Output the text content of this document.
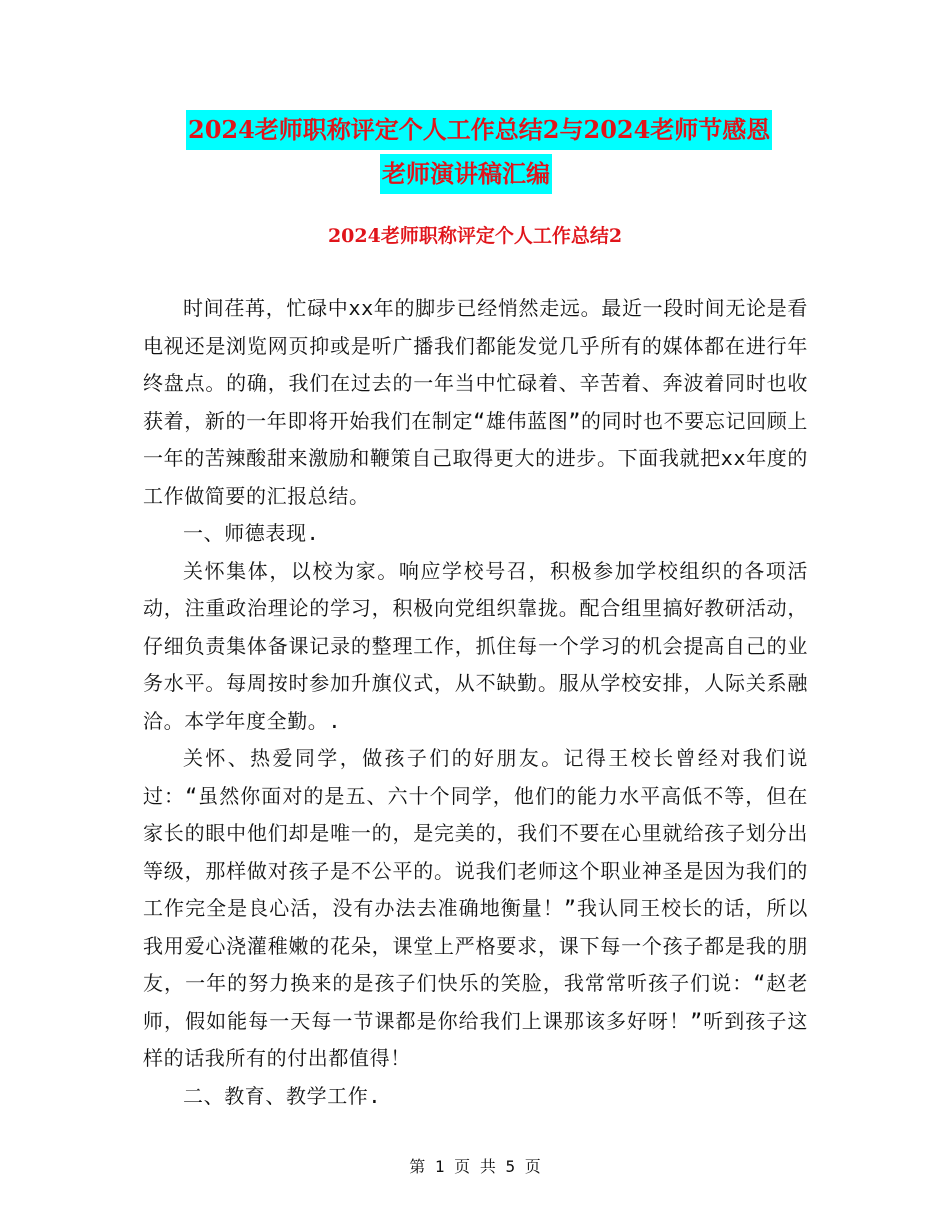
2024老师职称评定个人工作总结2与2024老师节感恩
老师演讲稿汇编
2024老师职称评定个人工作总结2

时间荏苒，忙碌中xx年的脚步已经悄然走远。最近一段时间无论是看电视还是浏览网页抑或是听广播我们都能发觉几乎所有的媒体都在进行年终盘点。的确，我们在过去的一年当中忙碌着、辛苦着、奔波着同时也收获着，新的一年即将开始我们在制定“雄伟蓝图”的同时也不要忘记回顾上一年的苦辣酸甜来激励和鞭策自己取得更大的进步。下面我就把xx年度的工作做简要的汇报总结。

一、师德表现.

关怀集体，以校为家。响应学校号召，积极参加学校组织的各项活动，注重政治理论的学习，积极向党组织靠拢。配合组里搞好教研活动，仔细负责集体备课记录的整理工作，抓住每一个学习的机会提高自己的业务水平。每周按时参加升旗仪式，从不缺勤。服从学校安排，人际关系融洽。本学年度全勤。.

关怀、热爱同学，做孩子们的好朋友。记得王校长曾经对我们说过：“虽然你面对的是五、六十个同学，他们的能力水平高低不等，但在家长的眼中他们却是唯一的，是完美的，我们不要在心里就给孩子划分出等级，那样做对孩子是不公平的。说我们老师这个职业神圣是因为我们的工作完全是良心活，没有办法去准确地衡量！”我认同王校长的话，所以我用爱心浇灌稚嫩的花朵，课堂上严格要求，课下每一个孩子都是我的朋友，一年的努力换来的是孩子们快乐的笑脸，我常常听孩子们说：“赵老师，假如能每一天每一节课都是你给我们上课那该多好呀！”听到孩子这样的话我所有的付出都值得！

二、教育、教学工作.

第 1 页 共 5 页
